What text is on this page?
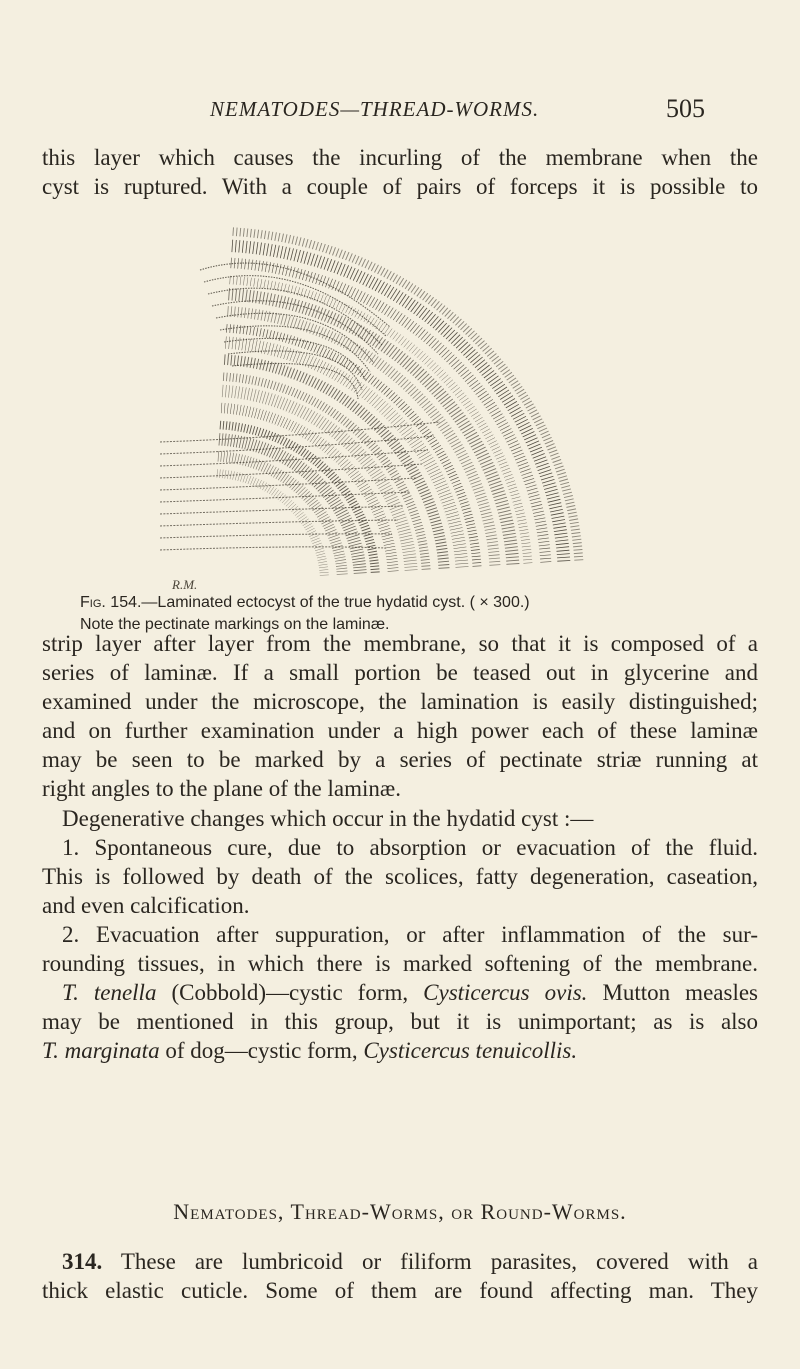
NEMATODES—THREAD-WORMS.	505

this layer which causes the incurling of the membrane when the
cyst is ruptured. With a couple of pairs of forceps it is possible to

R.M.
Fig. 154.—Laminated ectocyst of the true hydatid cyst. ( × 300.)
Note the pectinate markings on the laminæ.

strip layer after layer from the membrane, so that it is composed of a
series of laminæ. If a small portion be teased out in glycerine and
examined under the microscope, the lamination is easily distinguished;
and on further examination under a high power each of these laminæ
may be seen to be marked by a series of pectinate striæ running at
right angles to the plane of the laminæ.

Degenerative changes which occur in the hydatid cyst :—

1. Spontaneous cure, due to absorption or evacuation of the fluid.
This is followed by death of the scolices, fatty degeneration, caseation,
and even calcification.

2. Evacuation after suppuration, or after inflammation of the sur-
rounding tissues, in which there is marked softening of the membrane.
T. tenella (Cobbold)—cystic form, Cysticercus ovis. Mutton measles
may be mentioned in this group, but it is unimportant; as is also
T. marginata of dog—cystic form, Cysticercus tenuicollis.

Nematodes, Thread-Worms, or Round-Worms.

314. These are lumbricoid or filiform parasites, covered with a
thick elastic cuticle. Some of them are found affecting man. They
